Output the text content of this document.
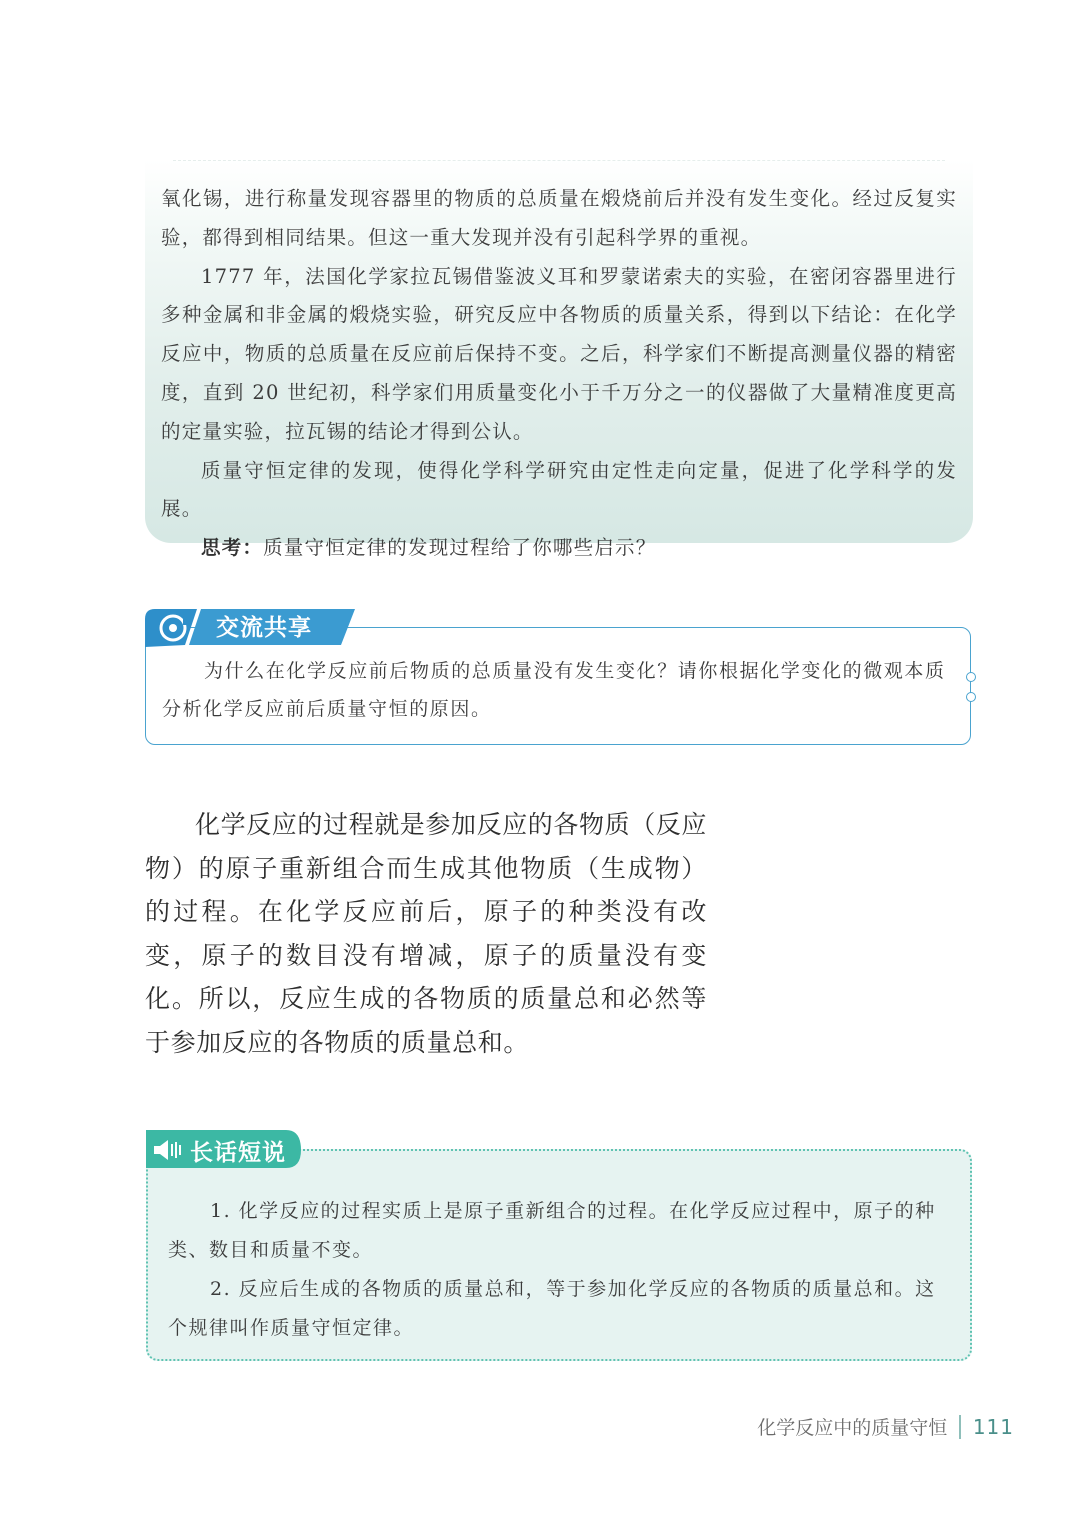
氧化锡，进行称量发现容器里的物质的总质量在煅烧前后并没有发生变化。经过反复实验，都得到相同结果。但这一重大发现并没有引起科学界的重视。

1777 年，法国化学家拉瓦锡借鉴波义耳和罗蒙诺索夫的实验，在密闭容器里进行多种金属和非金属的煅烧实验，研究反应中各物质的质量关系，得到以下结论：在化学反应中，物质的总质量在反应前后保持不变。之后，科学家们不断提高测量仪器的精密度，直到 20 世纪初，科学家们用质量变化小于千万分之一的仪器做了大量精准度更高的定量实验，拉瓦锡的结论才得到公认。

质量守恒定律的发现，使得化学科学研究由定性走向定量，促进了化学科学的发展。

思考：质量守恒定律的发现过程给了你哪些启示？

交流共享

为什么在化学反应前后物质的总质量没有发生变化？请你根据化学变化的微观本质分析化学反应前后质量守恒的原因。

化学反应的过程就是参加反应的各物质（反应物）的原子重新组合而生成其他物质（生成物）的过程。在化学反应前后，原子的种类没有改变，原子的数目没有增减，原子的质量没有变化。所以，反应生成的各物质的质量总和必然等于参加反应的各物质的质量总和。

长话短说

1. 化学反应的过程实质上是原子重新组合的过程。在化学反应过程中，原子的种类、数目和质量不变。

2. 反应后生成的各物质的质量总和，等于参加化学反应的各物质的质量总和。这个规律叫作质量守恒定律。

化学反应中的质量守恒 111
